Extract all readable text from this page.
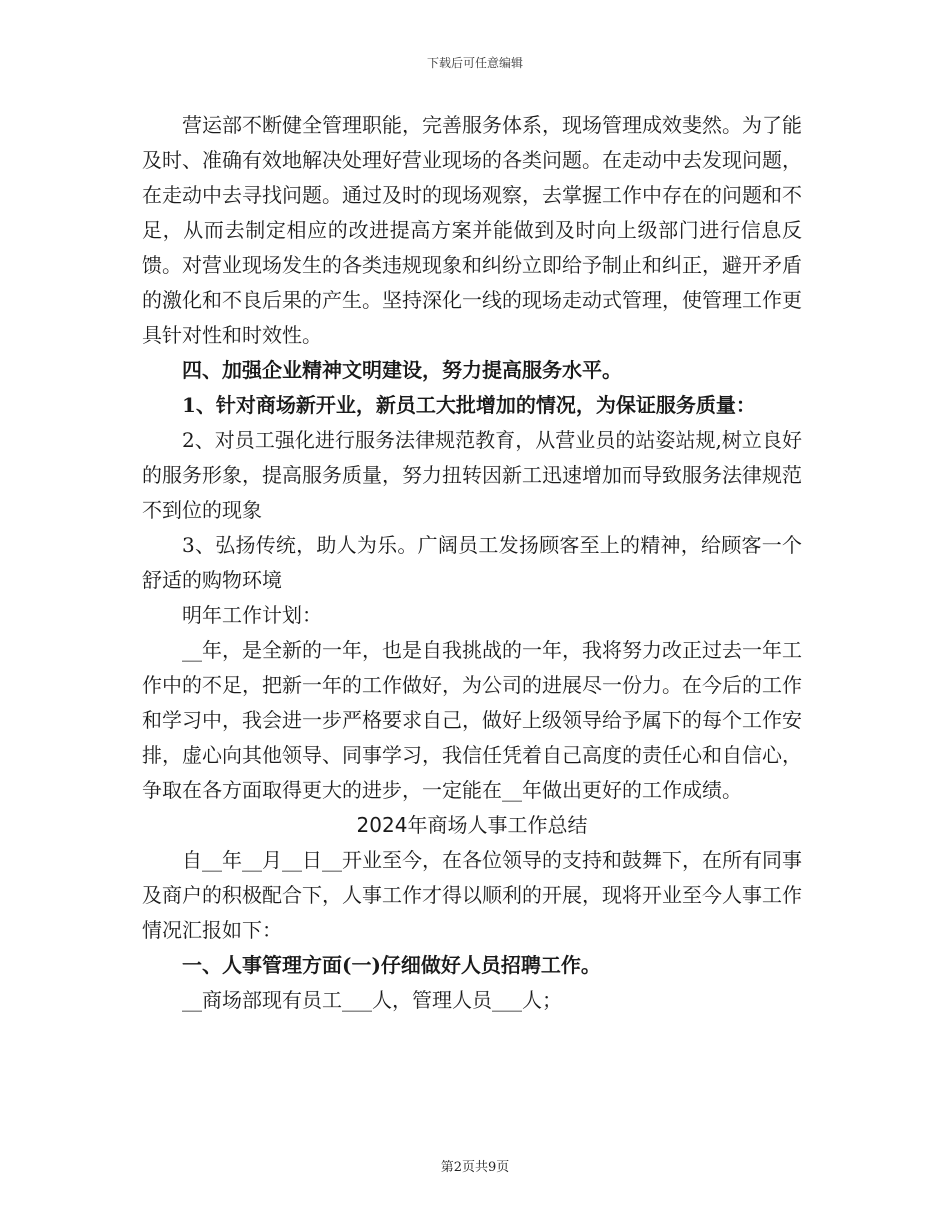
下载后可任意编辑

营运部不断健全管理职能，完善服务体系，现场管理成效斐然。为了能及时、准确有效地解决处理好营业现场的各类问题。在走动中去发现问题，在走动中去寻找问题。通过及时的现场观察，去掌握工作中存在的问题和不足，从而去制定相应的改进提高方案并能做到及时向上级部门进行信息反馈。对营业现场发生的各类违规现象和纠纷立即给予制止和纠正，避开矛盾的激化和不良后果的产生。坚持深化一线的现场走动式管理，使管理工作更具针对性和时效性。

四、加强企业精神文明建设，努力提高服务水平。

1、针对商场新开业，新员工大批增加的情况，为保证服务质量：

2、对员工强化进行服务法律规范教育，从营业员的站姿站规,树立良好的服务形象，提高服务质量，努力扭转因新工迅速增加而导致服务法律规范不到位的现象

3、弘扬传统，助人为乐。广阔员工发扬顾客至上的精神，给顾客一个舒适的购物环境

明年工作计划：

__年，是全新的一年，也是自我挑战的一年，我将努力改正过去一年工作中的不足，把新一年的工作做好，为公司的进展尽一份力。在今后的工作和学习中，我会进一步严格要求自己，做好上级领导给予属下的每个工作安排，虚心向其他领导、同事学习，我信任凭着自己高度的责任心和自信心，争取在各方面取得更大的进步，一定能在__年做出更好的工作成绩。

2024年商场人事工作总结

自__年__月__日__开业至今，在各位领导的支持和鼓舞下，在所有同事及商户的积极配合下，人事工作才得以顺利的开展，现将开业至今人事工作情况汇报如下：

一、人事管理方面(一)仔细做好人员招聘工作。

__商场部现有员工___人，管理人员___人；

第2页共9页
